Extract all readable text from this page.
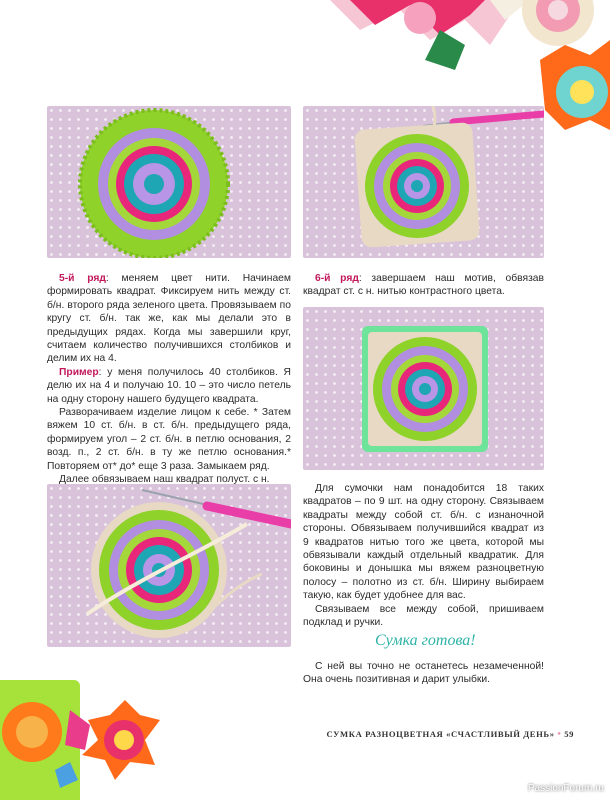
5-й ряд: меняем цвет нити. Начинаем формировать квадрат. Фиксируем нить между ст. б/н. второго ряда зеленого цвета. Провязываем по кругу ст. б/н. так же, как мы делали это в предыдущих рядах. Когда мы завершили круг, считаем количество получившихся столбиков и делим их на 4.

Пример: у меня получилось 40 столбиков. Я делю их на 4 и получаю 10. 10 – это число петель на одну сторону нашего будущего квадрата.

Разворачиваем изделие лицом к себе. * Затем вяжем 10 ст. б/н. в ст. б/н. предыдущего ряда, формируем угол – 2 ст. б/н. в петлю основания, 2 возд. п., 2 ст. б/н. в ту же петлю основания.* Повторяем от* до* еще 3 раза. Замыкаем ряд.

Далее обвязываем наш квадрат полуст. с н.

6-й ряд: завершаем наш мотив, обвязав квадрат ст. с н. нитью контрастного цвета.

Для сумочки нам понадобится 18 таких квадратов – по 9 шт. на одну сторону. Связываем квадраты между собой ст. б/н. с изнаночной стороны. Обвязываем получившийся квадрат из 9 квадратов нитью того же цвета, которой мы обвязывали каждый отдельный квадратик. Для боковины и донышка мы вяжем разноцветную полосу – полотно из ст. б/н. Ширину выбираем такую, как будет удобнее для вас.

Связываем все между собой, пришиваем подклад и ручки.

Сумка готова!

С ней вы точно не останетесь незамеченной! Она очень позитивная и дарит улыбки.

СУМКА РАЗНОЦВЕТНАЯ «СЧАСТЛИВЫЙ ДЕНЬ» • 59
PassionForum.ru
